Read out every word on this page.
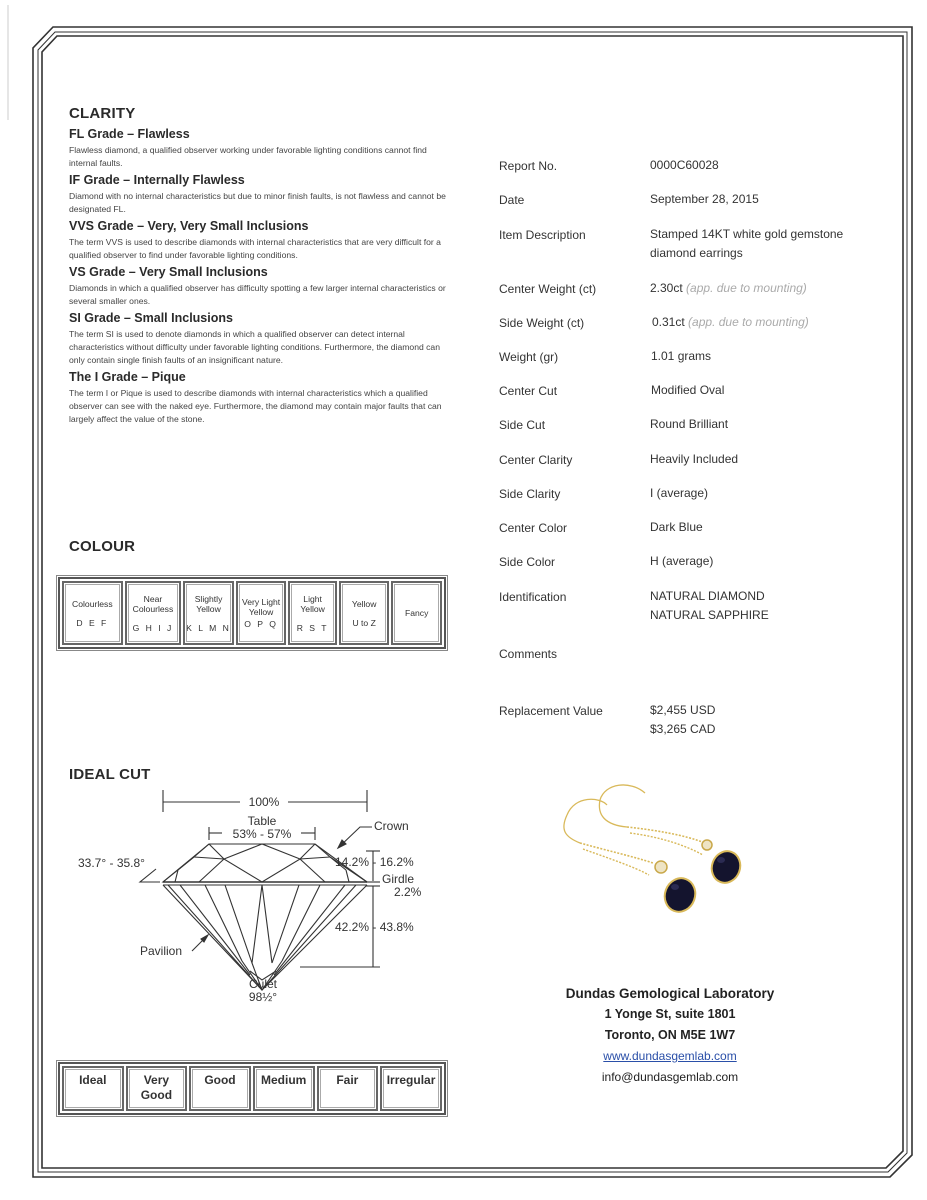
CLARITY

FL Grade – Flawless

Flawless diamond, a qualified observer working under favorable lighting conditions cannot find internal faults.

IF Grade – Internally Flawless

Diamond with no internal characteristics but due to minor finish faults, is not flawless and cannot be designated FL.

VVS Grade – Very, Very Small Inclusions

The term VVS is used to describe diamonds with internal characteristics that are very difficult for a qualified observer to find under favorable lighting conditions.

VS Grade – Very Small Inclusions

Diamonds in which a qualified observer has difficulty spotting a few larger internal characteristics or several smaller ones.

SI Grade – Small Inclusions

The term SI is used to denote diamonds in which a qualified observer can detect internal characteristics without difficulty under favorable lighting conditions. Furthermore, the diamond can only contain single finish faults of an insignificant nature.

The I Grade – Pique

The term I or Pique is used to describe diamonds with internal characteristics which a qualified observer can see with the naked eye. Furthermore, the diamond may contain major faults that can largely affect the value of the stone.

COLOUR
Colourless
D E F
	Near Colourless
G H I J
	Slightly Yellow
K L M N
	Very Light Yellow
O P Q
	Light Yellow
R S T
	Yellow
U to Z
	Fancy
IDEAL CUT
100%
Table
53% - 57%
Crown
33.7° - 35.8°	14.2% - 16.2%
Girdle
2.2%
42.2% - 43.8%
Pavilion
Culet
98½°
Ideal	Very Good	Good	Medium	Fair	Irregular
Report No.	0000C60028
Date	September 28, 2015
Item Description	Stamped 14KT white gold gemstone
diamond earrings
Center Weight (ct)	2.30ct (app. due to mounting)
Side Weight (ct)	0.31ct (app. due to mounting)
Weight (gr)	1.01 grams
Center Cut	Modified Oval
Side Cut	Round Brilliant
Center Clarity	Heavily Included
Side Clarity	I (average)
Center Color	Dark Blue
Side Color	H (average)
Identification	NATURAL DIAMOND
NATURAL SAPPHIRE
Comments
Replacement Value	$2,455 USD
$3,265 CAD
Dundas Gemological Laboratory
1 Yonge St, suite 1801
Toronto, ON M5E 1W7
www.dundasgemlab.com
info@dundasgemlab.com
